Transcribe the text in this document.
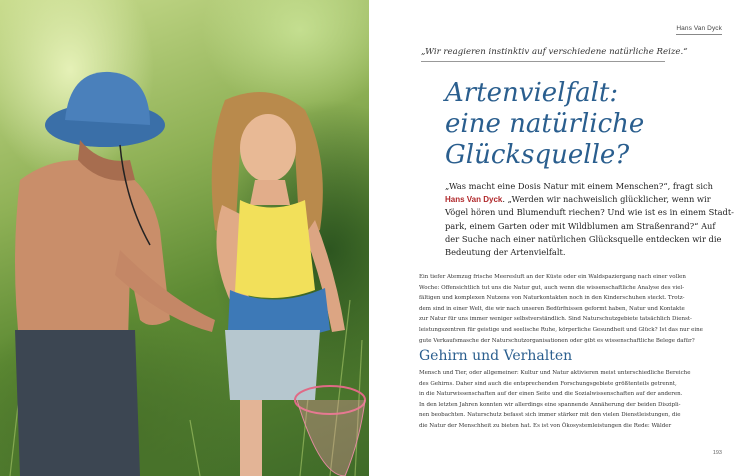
Hans Van Dyck
„Wir reagieren instinktiv auf verschiedene natürliche Reize.“
Artenvielfalt:
eine natürliche
Glücksquelle?
„Was macht eine Dosis Natur mit einem Menschen?“, fragt sich
Hans Van Dyck. „Werden wir nachweislich glücklicher, wenn wir
Vögel hören und Blumenduft riechen? Und wie ist es in einem Stadt-
park, einem Garten oder mit Wildblumen am Straßenrand?“ Auf
der Suche nach einer natürlichen Glücksquelle entdecken wir die
Bedeutung der Artenvielfalt.
Ein tiefer Atemzug frische Meeresluft an der Küste oder ein Waldspaziergang nach einer vollen
Woche: Offensichtlich tut uns die Natur gut, auch wenn die wissenschaftliche Analyse des viel-
fältigen und komplexen Nutzens von Naturkontakten noch in den Kinderschuhen steckt. Trotz-
dem sind in einer Welt, die wir nach unseren Bedürfnissen geformt haben, Natur und Kontakte
zur Natur für uns immer weniger selbstverständlich. Sind Naturschutzgebiete tatsächlich Dienst-
leistungszentren für geistige und seelische Ruhe, körperliche Gesundheit und Glück? Ist das nur eine
gute Verkaufsmasche der Naturschutzorganisationen oder gibt es wissenschaftliche Belege dafür?
Gehirn und Verhalten
Mensch und Tier, oder allgemeiner: Kultur und Natur aktivieren meist unterschiedliche Bereiche
des Gehirns. Daher sind auch die entsprechenden Forschungsgebiete größtenteils getrennt,
in die Naturwissenschaften auf der einen Seite und die Sozialwissenschaften auf der anderen.
In den letzten Jahren konnten wir allerdings eine spannende Annäherung der beiden Diszipli-
nen beobachten. Naturschutz befasst sich immer stärker mit den vielen Dienstleistungen, die
die Natur der Menschheit zu bieten hat. Es ist von Ökosystemleistungen die Rede: Wälder
193
